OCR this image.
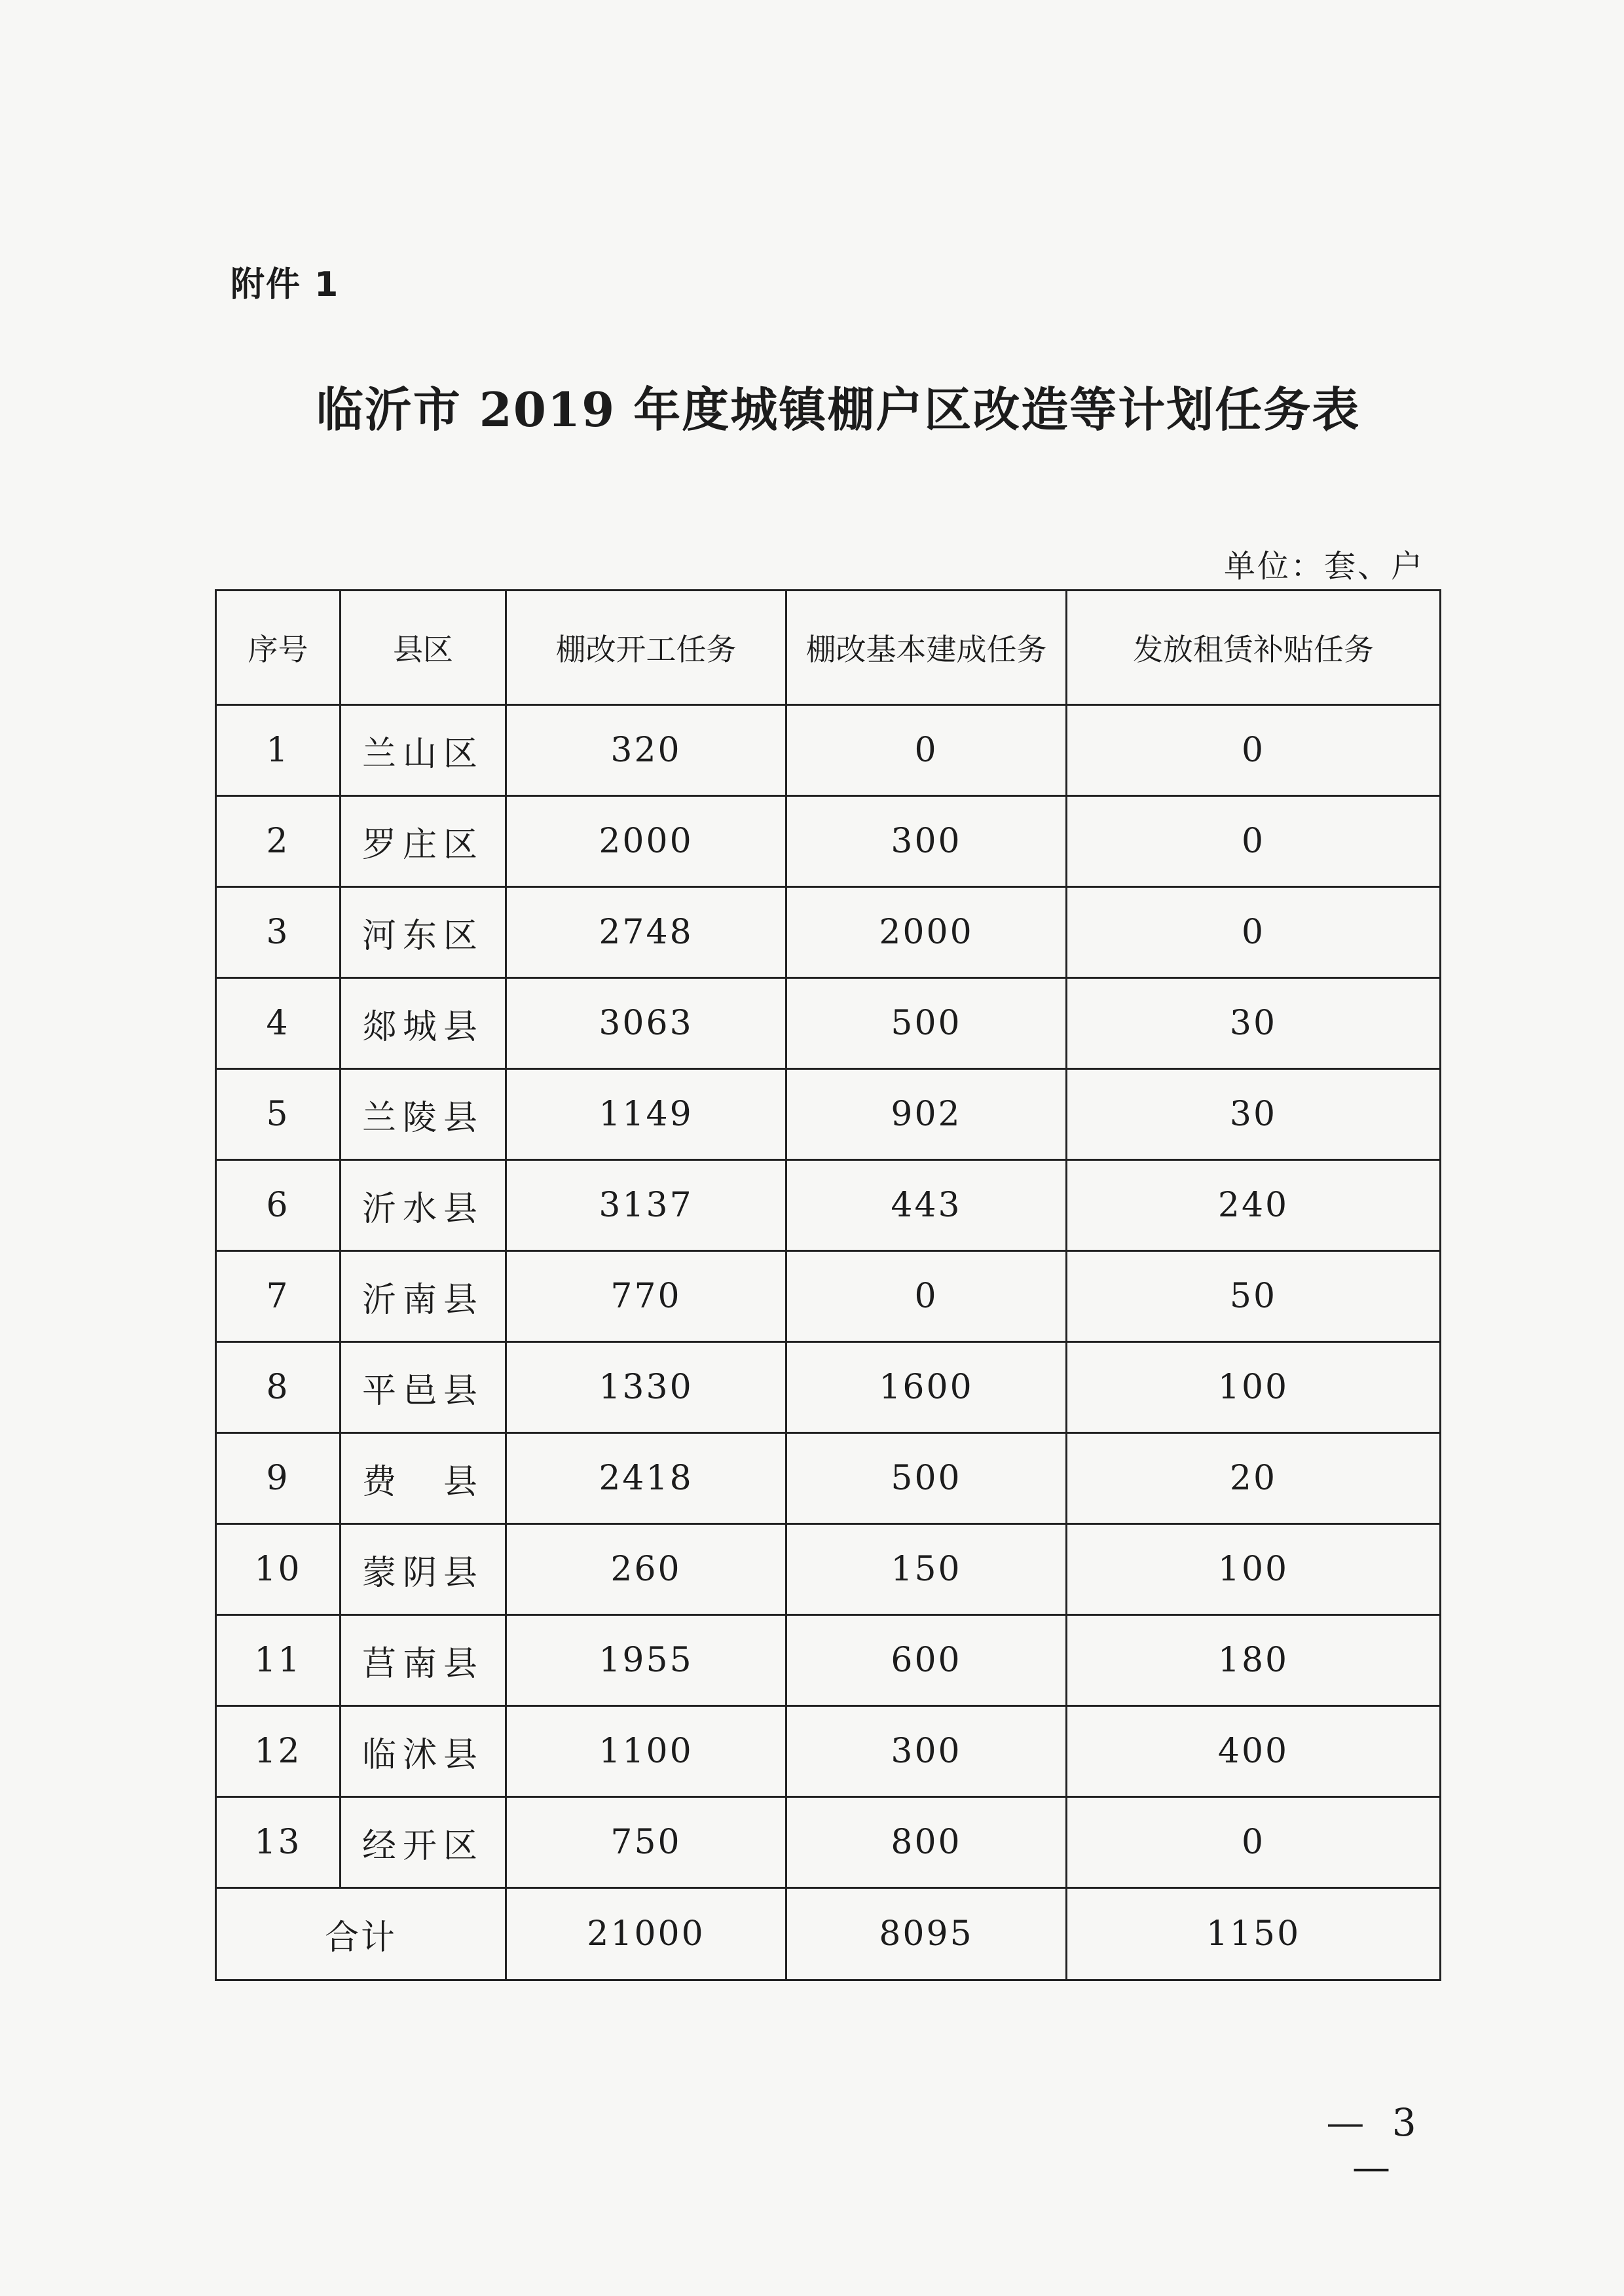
附件 1
临沂市 2019 年度城镇棚户区改造等计划任务表
单位：套、户
序号	县区	棚改开工任务	棚改基本建成任务	发放租赁补贴任务
1	兰山区	320	0	0
2	罗庄区	2000	300	0
3	河东区	2748	2000	0
4	郯城县	3063	500	30
5	兰陵县	1149	902	30
6	沂水县	3137	443	240
7	沂南县	770	0	50
8	平邑县	1330	1600	100
9	费　县	2418	500	20
10	蒙阴县	260	150	100
11	莒南县	1955	600	180
12	临沭县	1100	300	400
13	经开区	750	800	0
合计		21000	8095	1150
— 3 —
